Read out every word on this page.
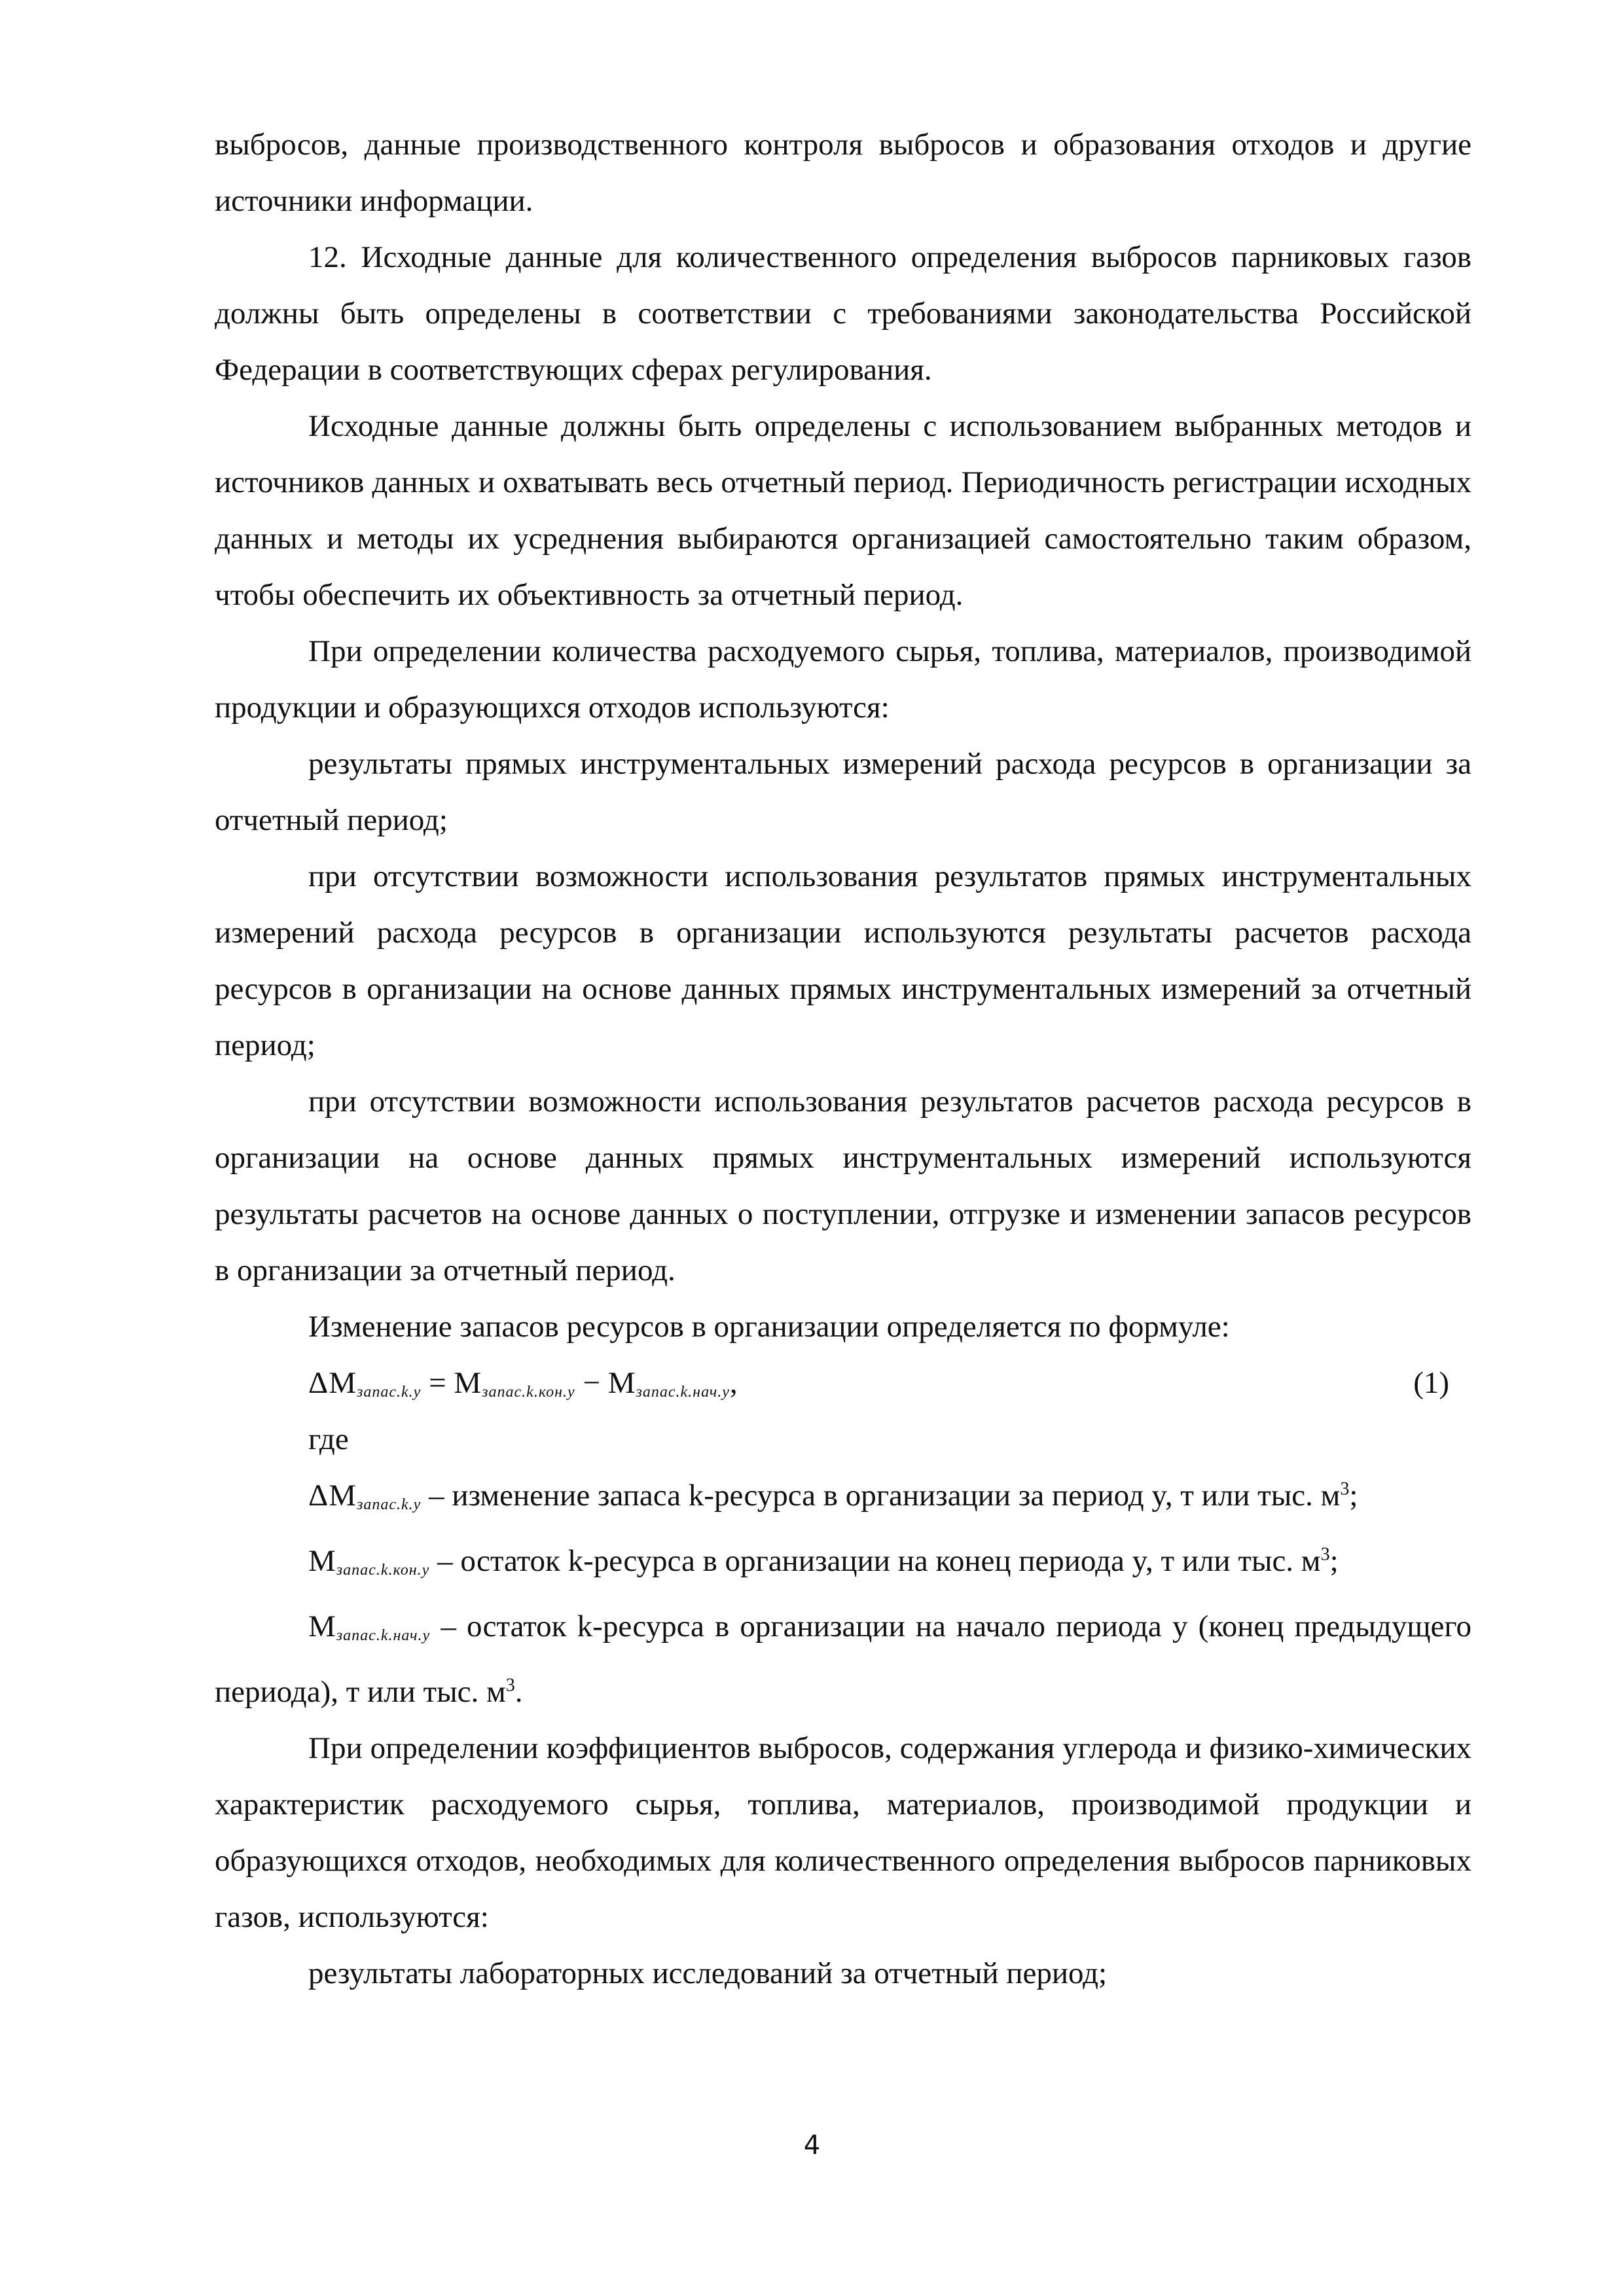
выбросов, данные производственного контроля выбросов и образования отходов и другие источники информации.

12. Исходные данные для количественного определения выбросов парниковых газов должны быть определены в соответствии с требованиями законодательства Российской Федерации в соответствующих сферах регулирования.

Исходные данные должны быть определены с использованием выбранных методов и источников данных и охватывать весь отчетный период. Периодичность регистрации исходных данных и методы их усреднения выбираются организацией самостоятельно таким образом, чтобы обеспечить их объективность за отчетный период.

При определении количества расходуемого сырья, топлива, материалов, производимой продукции и образующихся отходов используются:

результаты прямых инструментальных измерений расхода ресурсов в организации за отчетный период;

при отсутствии возможности использования результатов прямых инструментальных измерений расхода ресурсов в организации используются результаты расчетов расхода ресурсов в организации на основе данных прямых инструментальных измерений за отчетный период;

при отсутствии возможности использования результатов расчетов расхода ресурсов в организации на основе данных прямых инструментальных измерений используются результаты расчетов на основе данных о поступлении, отгрузке и изменении запасов ресурсов в организации за отчетный период.

Изменение запасов ресурсов в организации определяется по формуле:

$\Delta M_{запас.k.y} = M_{запас.k.кон.y} - M_{запас.k.нач.y}$,	(1)
где

$\Delta M_{запас.k.y}$ – изменение запаса k-ресурса в организации за период y, т или тыс. $м^3$;

$M_{запас.k.кон.y}$ – остаток k-ресурса в организации на конец периода y, т или тыс. $м^3$;

$M_{запас.k.нач.y}$ – остаток k-ресурса в организации на начало периода y (конец предыдущего периода), т или тыс. $м^3$.

При определении коэффициентов выбросов, содержания углерода и физико-химических характеристик расходуемого сырья, топлива, материалов, производимой продукции и образующихся отходов, необходимых для количественного определения выбросов парниковых газов, используются:

результаты лабораторных исследований за отчетный период;

4
